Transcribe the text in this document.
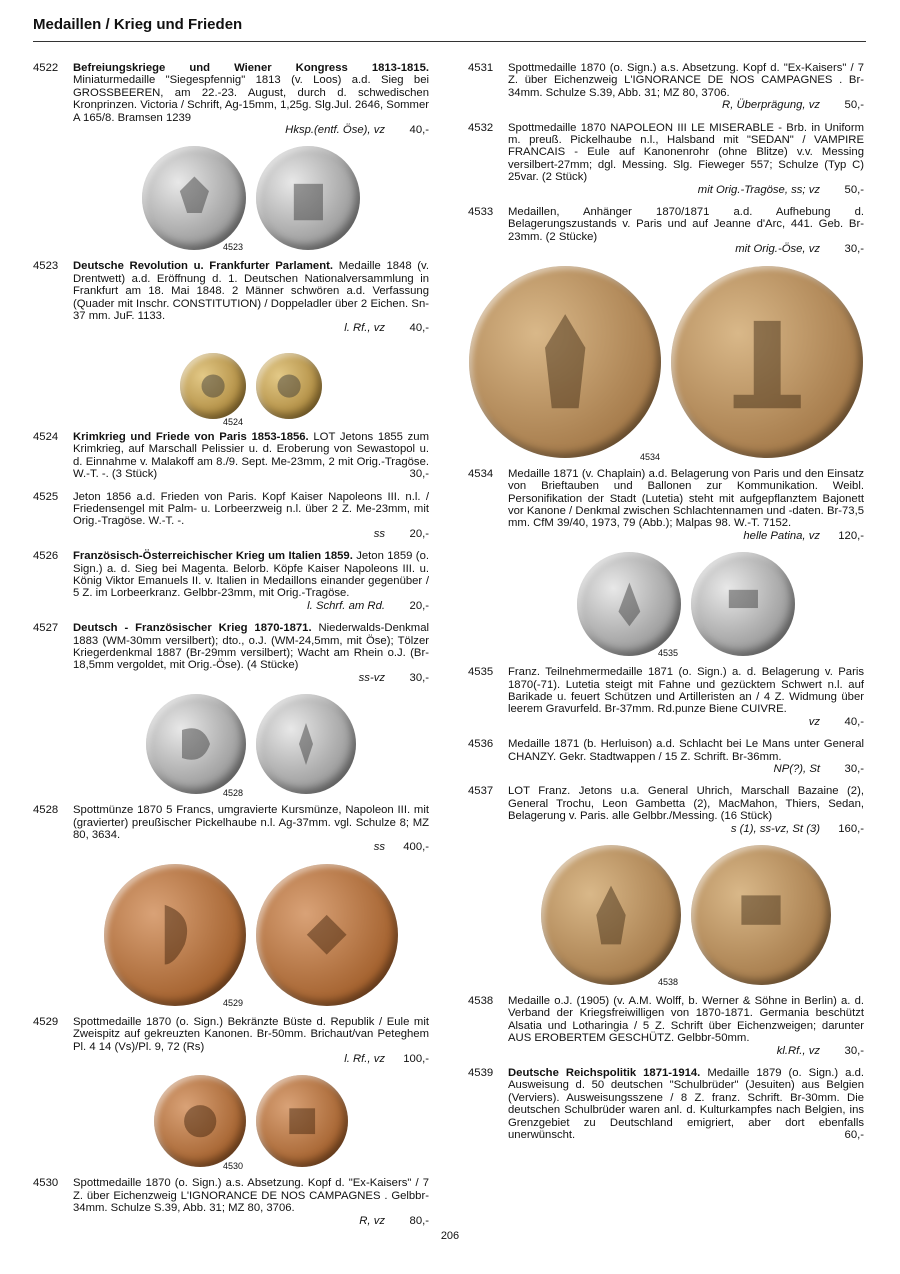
Medaillen / Krieg und Frieden
4522 Befreiungskriege und Wiener Kongress 1813-1815. Miniaturmedaille "Siegespfennig" 1813 (v. Loos) a.d. Sieg bei GROSSBEEREN, am 22.-23. August, durch d. schwedischen Kronprinzen. Victoria / Schrift, Ag-15mm, 1,25g. Slg.Jul. 2646, Sommer A 165/8. Bramsen 1239
Hksp.(entf. Öse), vz 40,-
4523
4523 Deutsche Revolution u. Frankfurter Parlament. Medaille 1848 (v. Drentwett) a.d. Eröffnung d. 1. Deutschen Nationalversammlung in Frankfurt am 18. Mai 1848. 2 Männer schwören a.d. Verfassung (Quader mit Inschr. CONSTITUTION) / Doppeladler über 2 Eichen. Sn-37 mm. JuF. 1133.
l. Rf., vz 40,-
4524
4524 Krimkrieg und Friede von Paris 1853-1856. LOT Jetons 1855 zum Krimkrieg, auf Marschall Pelissier u. d. Eroberung von Sewastopol u. d. Einnahme v. Malakoff am 8./9. Sept. Me-23mm, 2 mit Orig.-Tragöse. W.-T. -. (3 Stück)	30,-
4525 Jeton 1856 a.d. Frieden von Paris. Kopf Kaiser Napoleons III. n.l. / Friedensengel mit Palm- u. Lorbeerzweig n.l. über 2 Z. Me-23mm, mit Orig.-Tragöse. W.-T. -.
20,-
ss
4526 Französisch-Österreichischer Krieg um Italien 1859. Jeton 1859 (o. Sign.) a. d. Sieg bei Magenta. Belorb. Köpfe Kaiser Napoleons III. u. König Viktor Emanuels II. v. Italien in Medaillons einander gegenüber / 5 Z. im Lorbeerkranz. Gelbbr-23mm, mit Orig.-Tragöse.
l. Schrf. am Rd. 20,-
4527 Deutsch - Französischer Krieg 1870-1871. Niederwalds-Denkmal 1883 (WM-30mm versilbert); dto., o.J. (WM-24,5mm, mit Öse); Tölzer Kriegerdenkmal 1887 (Br-29mm versilbert); Wacht am Rhein o.J. (Br-18,5mm vergoldet, mit Orig.-Öse). (4 Stücke)
ss-vz 30,-
4528
4528 Spottmünze 1870 5 Francs, umgravierte Kursmünze, Napoleon III. mit (gravierter) preußischer Pickelhaube n.l. Ag-37mm. vgl. Schulze 8; MZ 80, 3634.
400,-
ss
4529
4529 Spottmedaille 1870 (o. Sign.) Bekränzte Büste d. Republik / Eule mit Zweispitz auf gekreuzten Kanonen. Br-50mm. Brichaut/van Peteghem Pl. 4 14 (Vs)/Pl. 9, 72 (Rs)
l. Rf., vz 100,-
4530
4530 Spottmedaille 1870 (o. Sign.) a.s. Absetzung. Kopf d. "Ex-Kaisers" / 7 Z. über Eichenzweig L'IGNORANCE DE NOS CAMPAGNES . Gelbbr-34mm. Schulze S.39, Abb. 31; MZ 80, 3706.
R, vz 80,-
4531 Spottmedaille 1870 (o. Sign.) a.s. Absetzung. Kopf d. "Ex-Kaisers" / 7 Z. über Eichenzweig L'IGNORANCE DE NOS CAMPAGNES . Br-34mm. Schulze S.39, Abb. 31; MZ 80, 3706.
R, Überprägung, vz 50,-
4532 Spottmedaille 1870 NAPOLEON III LE MISERABLE - Brb. in Uniform m. preuß. Pickelhaube n.l., Halsband mit "SEDAN" / VAMPIRE FRANCAIS - Eule auf Kanonenrohr (ohne Blitze) v.v. Messing versilbert-27mm; dgl. Messing. Slg. Fieweger 557; Schulze (Typ C) 25var. (2 Stück)
mit Orig.-Tragöse, ss; vz 50,-
4533 Medaillen, Anhänger 1870/1871 a.d. Aufhebung d. Belagerungszustands v. Paris und auf Jeanne d'Arc, 441. Geb. Br-23mm. (2 Stücke)
mit Orig.-Öse, vz 30,-
4534
4534 Medaille 1871 (v. Chaplain) a.d. Belagerung von Paris und den Einsatz von Brieftauben und Ballonen zur Kommunikation. Weibl. Personifikation der Stadt (Lutetia) steht mit aufgepflanztem Bajonett vor Kanone / Denkmal zwischen Schlachtennamen und -daten. Br-73,5 mm. CfM 39/40, 1973, 79 (Abb.); Malpas 98. W.-T. 7152.
helle Patina, vz 120,-
4535
4535 Franz. Teilnehmermedaille 1871 (o. Sign.) a. d. Belagerung v. Paris 1870(-71). Lutetia steigt mit Fahne und gezücktem Schwert n.l. auf Barikade u. feuert Schützen und Artilleristen an / 4 Z. Widmung über leerem Gravurfeld. Br-37mm. Rd.punze Biene CUIVRE.
40,-
vz
4536 Medaille 1871 (b. Herluison) a.d. Schlacht bei Le Mans unter General CHANZY. Gekr. Stadtwappen / 15 Z. Schrift. Br-36mm.
NP(?), St 30,-
4537 LOT Franz. Jetons u.a. General Uhrich, Marschall Bazaine (2), General Trochu, Leon Gambetta (2), MacMahon, Thiers, Sedan, Belagerung v. Paris. alle Gelbbr./Messing. (16 Stück)
s (1), ss-vz, St (3) 160,-
4538
4538 Medaille o.J. (1905) (v. A.M. Wolff, b. Werner & Söhne in Berlin) a. d. Verband der Kriegsfreiwilligen von 1870-1871. Germania beschützt Alsatia und Lotharingia / 5 Z. Schrift über Eichenzweigen; darunter AUS EROBERTEM GESCHÜTZ. Gelbbr-50mm.
kl.Rf., vz 30,-
4539 Deutsche Reichspolitik 1871-1914. Medaille 1879 (o. Sign.) a.d. Ausweisung d. 50 deutschen "Schulbrüder" (Jesuiten) aus Belgien (Verviers). Ausweisungsszene / 8 Z. franz. Schrift. Br-30mm. Die deutschen Schulbrüder waren anl. d. Kulturkampfes nach Belgien, ins Grenzgebiet zu Deutschland emigriert, aber dort ebenfalls unerwünscht.	60,-
206
